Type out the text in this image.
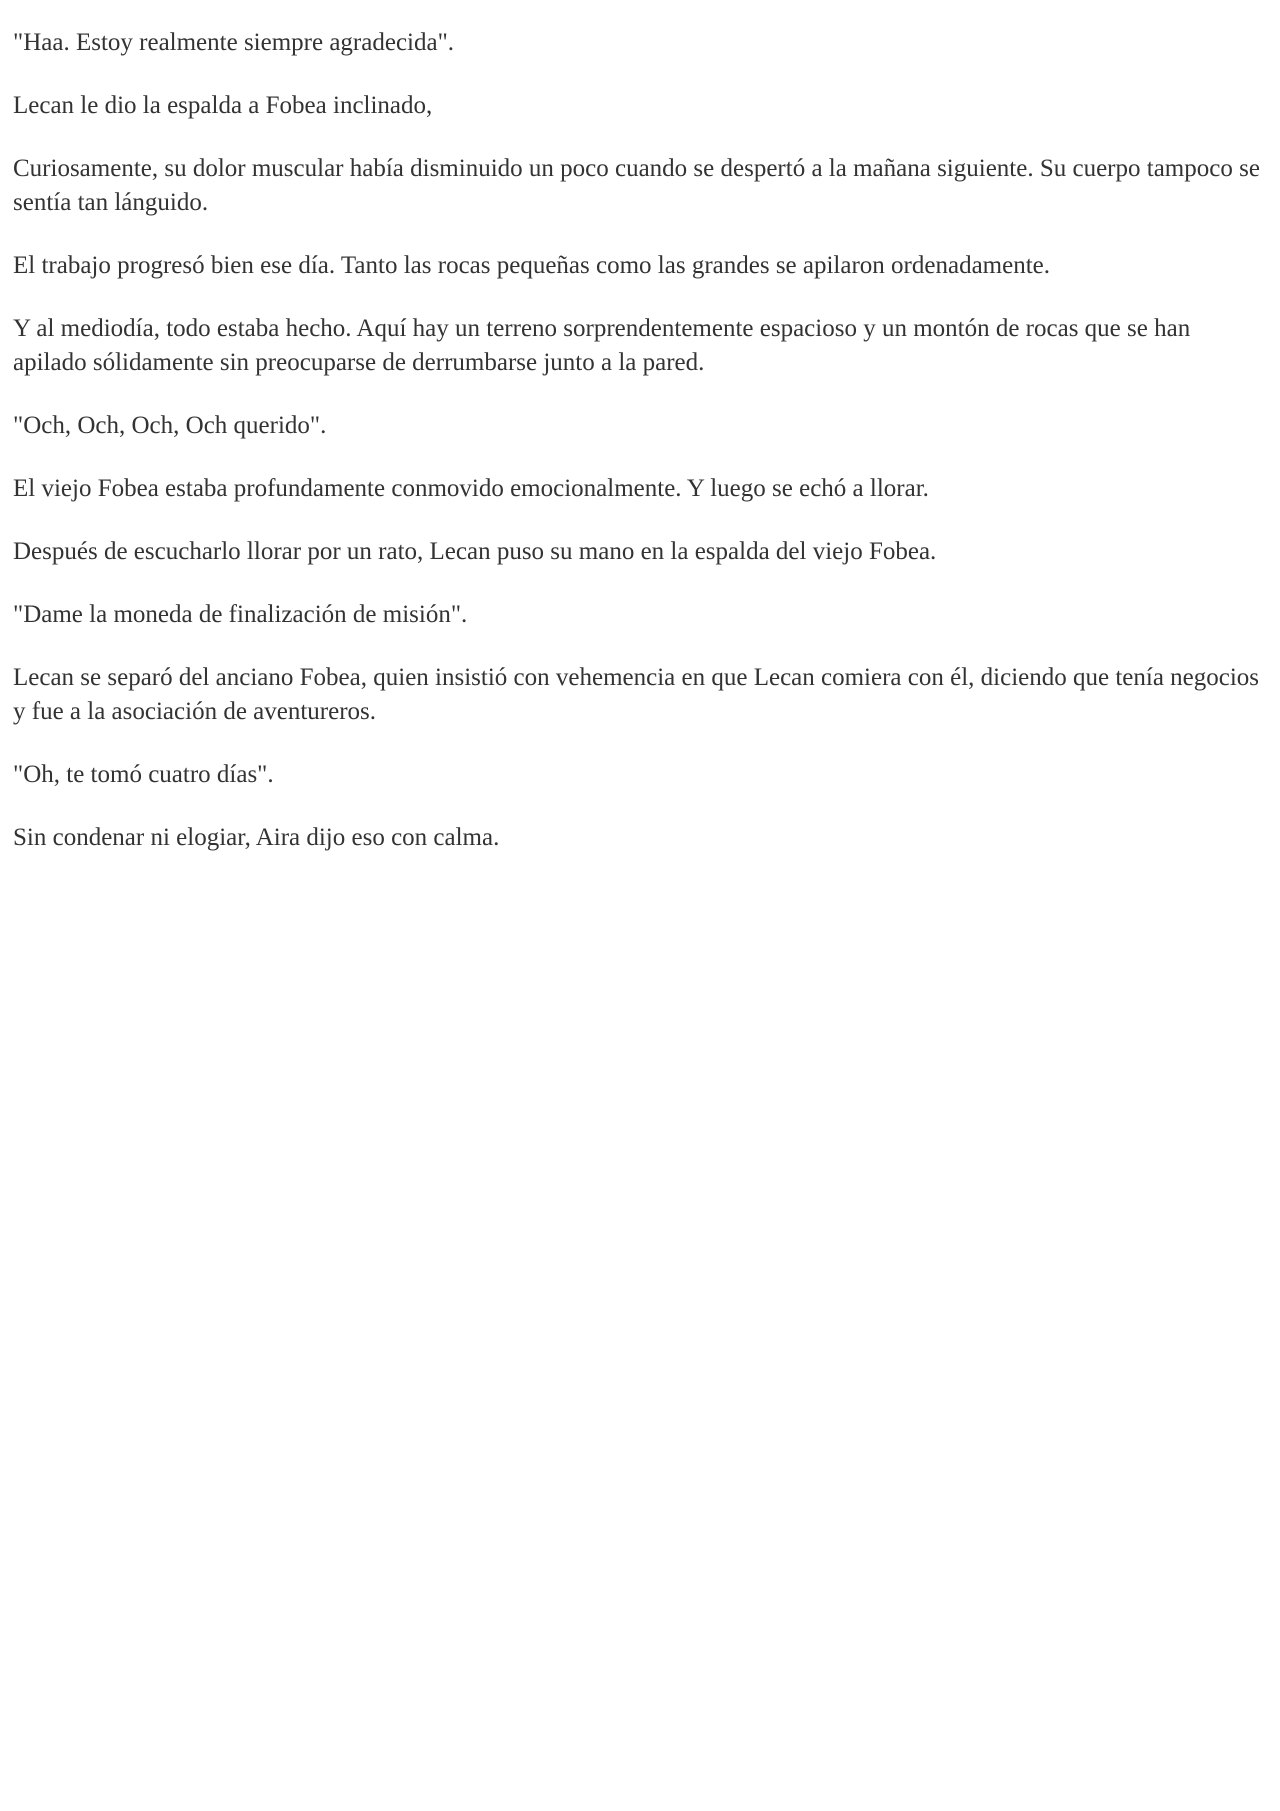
"Haa. Estoy realmente siempre agradecida".

Lecan le dio la espalda a Fobea inclinado,

Curiosamente, su dolor muscular había disminuido un poco cuando se despertó a la mañana siguiente. Su cuerpo tampoco se sentía tan lánguido.

El trabajo progresó bien ese día. Tanto las rocas pequeñas como las grandes se apilaron ordenadamente.

Y al mediodía, todo estaba hecho. Aquí hay un terreno sorprendentemente espacioso y un montón de rocas que se han apilado sólidamente sin preocuparse de derrumbarse junto a la pared.

"Och, Och, Och, Och querido".

El viejo Fobea estaba profundamente conmovido emocionalmente. Y luego se echó a llorar.

Después de escucharlo llorar por un rato, Lecan puso su mano en la espalda del viejo Fobea.

"Dame la moneda de finalización de misión".

Lecan se separó del anciano Fobea, quien insistió con vehemencia en que Lecan comiera con él, diciendo que tenía negocios y fue a la asociación de aventureros.

"Oh, te tomó cuatro días".

Sin condenar ni elogiar, Aira dijo eso con calma.
